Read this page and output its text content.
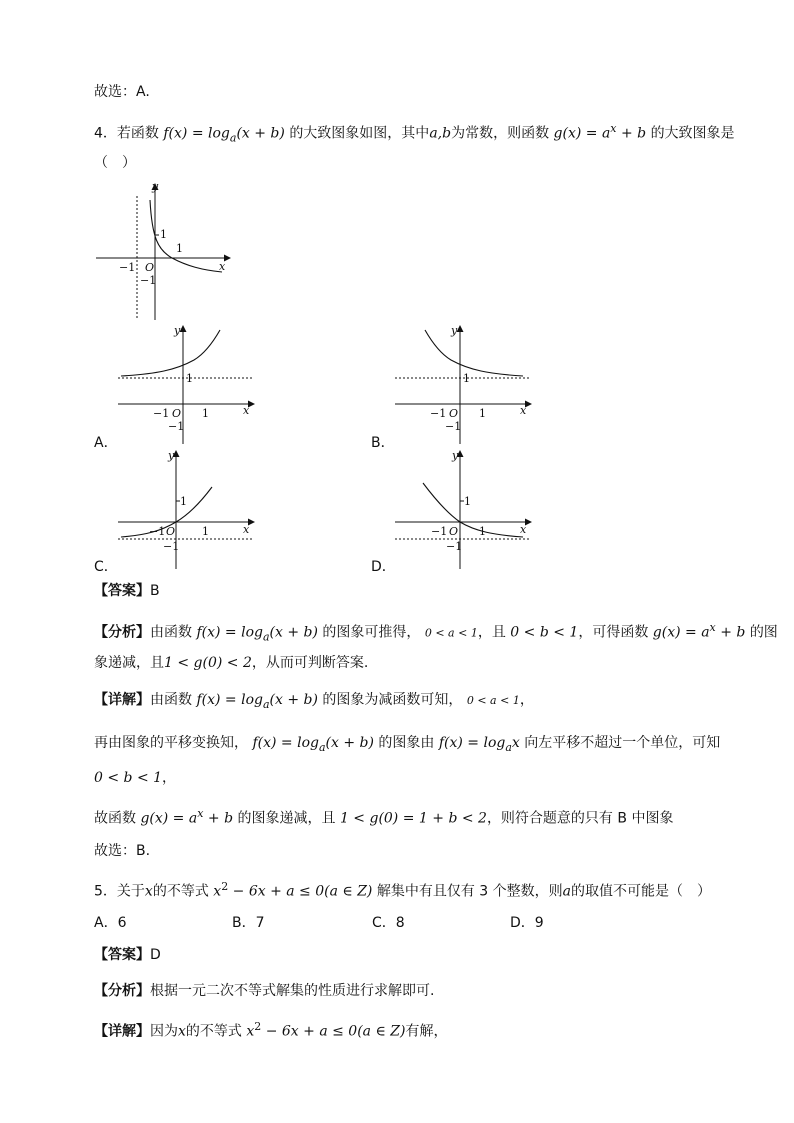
故选：A.
4．若函数 $f(x) = \log_a(x + b)$ 的大致图象如图，其中a,b为常数，则函数 $g(x) = a^x + b$ 的大致图象是
（　）
y
x
O
1
1
−1
−1
y
x
O
1
1
−1
−1
A．
y
x
O
1
1
−1
−1
B．
y
x
O
1
1
−1
−1
C．
y
x
O
1
1
−1
−1
D．
【答案】B
【分析】由函数 $f(x) = \log_a(x + b)$ 的图象可推得， 0 < a < 1，且 0 < b < 1，可得函数 $g(x) = a^x + b$ 的图
象递减，且1 < g(0) < 2，从而可判断答案.
【详解】由函数 $f(x) = \log_a(x + b)$ 的图象为减函数可知， 0 < a < 1，
再由图象的平移变换知， $f(x) = \log_a(x + b)$ 的图象由 $f(x) = \log_ax$ 向左平移不超过一个单位，可知
0 < b < 1，
故函数 $g(x) = a^x + b$ 的图象递减，且 1 < g(0) = 1 + b < 2，则符合题意的只有 B 中图象
故选：B.
5．关于x的不等式 $x^2 - 6x + a \le 0(a$ ∈ Z) 解集中有且仅有 3 个整数，则a的取值不可能是（　）
A．6	B．7	C．8	D．9
【答案】D
【分析】根据一元二次不等式解集的性质进行求解即可.
【详解】因为x的不等式 $x^2 - 6x + a \le 0(a$ ∈ Z)有解，
